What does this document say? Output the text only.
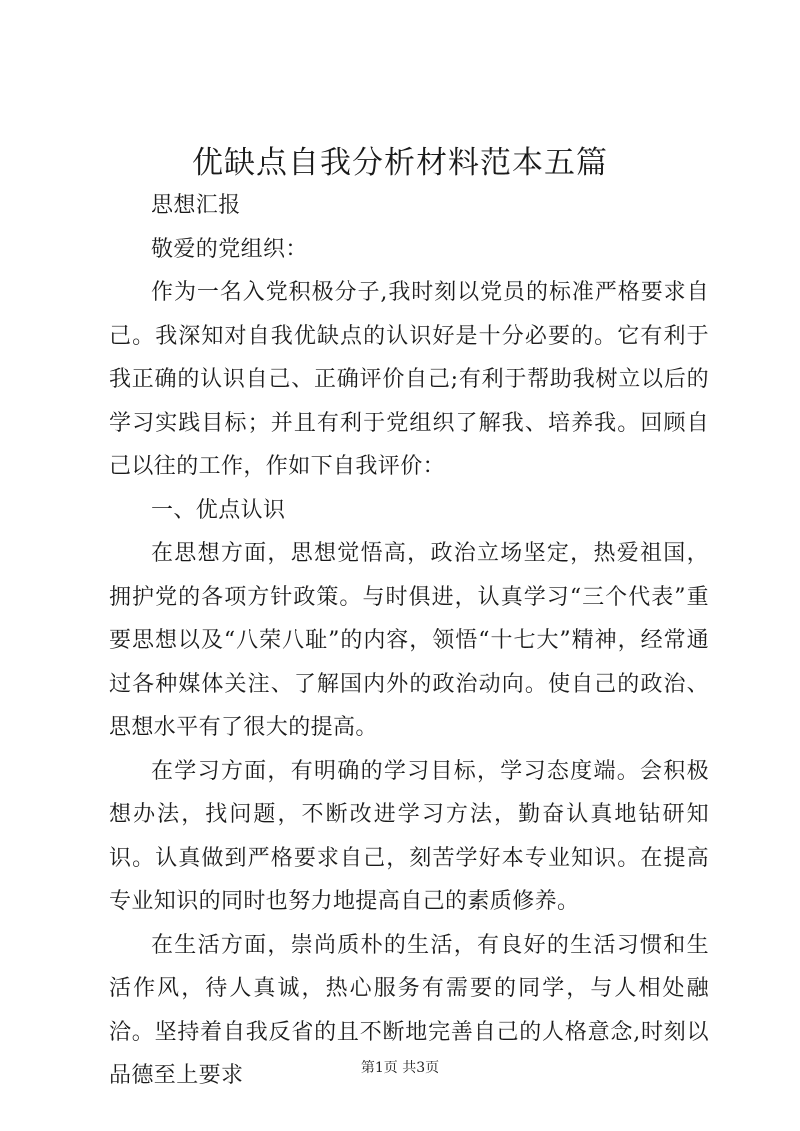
优缺点自我分析材料范本五篇

思想汇报

敬爱的党组织：

作为一名入党积极分子,我时刻以党员的标准严格要求自己。我深知对自我优缺点的认识好是十分必要的。它有利于我正确的认识自己、正确评价自己;有利于帮助我树立以后的学习实践目标；并且有利于党组织了解我、培养我。回顾自己以往的工作，作如下自我评价：

一、优点认识

在思想方面，思想觉悟高，政治立场坚定，热爱祖国，拥护党的各项方针政策。与时俱进，认真学习“三个代表”重要思想以及“八荣八耻”的内容，领悟“十七大”精神，经常通过各种媒体关注、了解国内外的政治动向。使自己的政治、思想水平有了很大的提高。

在学习方面，有明确的学习目标，学习态度端。会积极想办法，找问题，不断改进学习方法，勤奋认真地钻研知识。认真做到严格要求自己，刻苦学好本专业知识。在提高专业知识的同时也努力地提高自己的素质修养。

在生活方面，崇尚质朴的生活，有良好的生活习惯和生活作风，待人真诚，热心服务有需要的同学，与人相处融洽。坚持着自我反省的且不断地完善自己的人格意念,时刻以品德至上要求	第1页 共3页
